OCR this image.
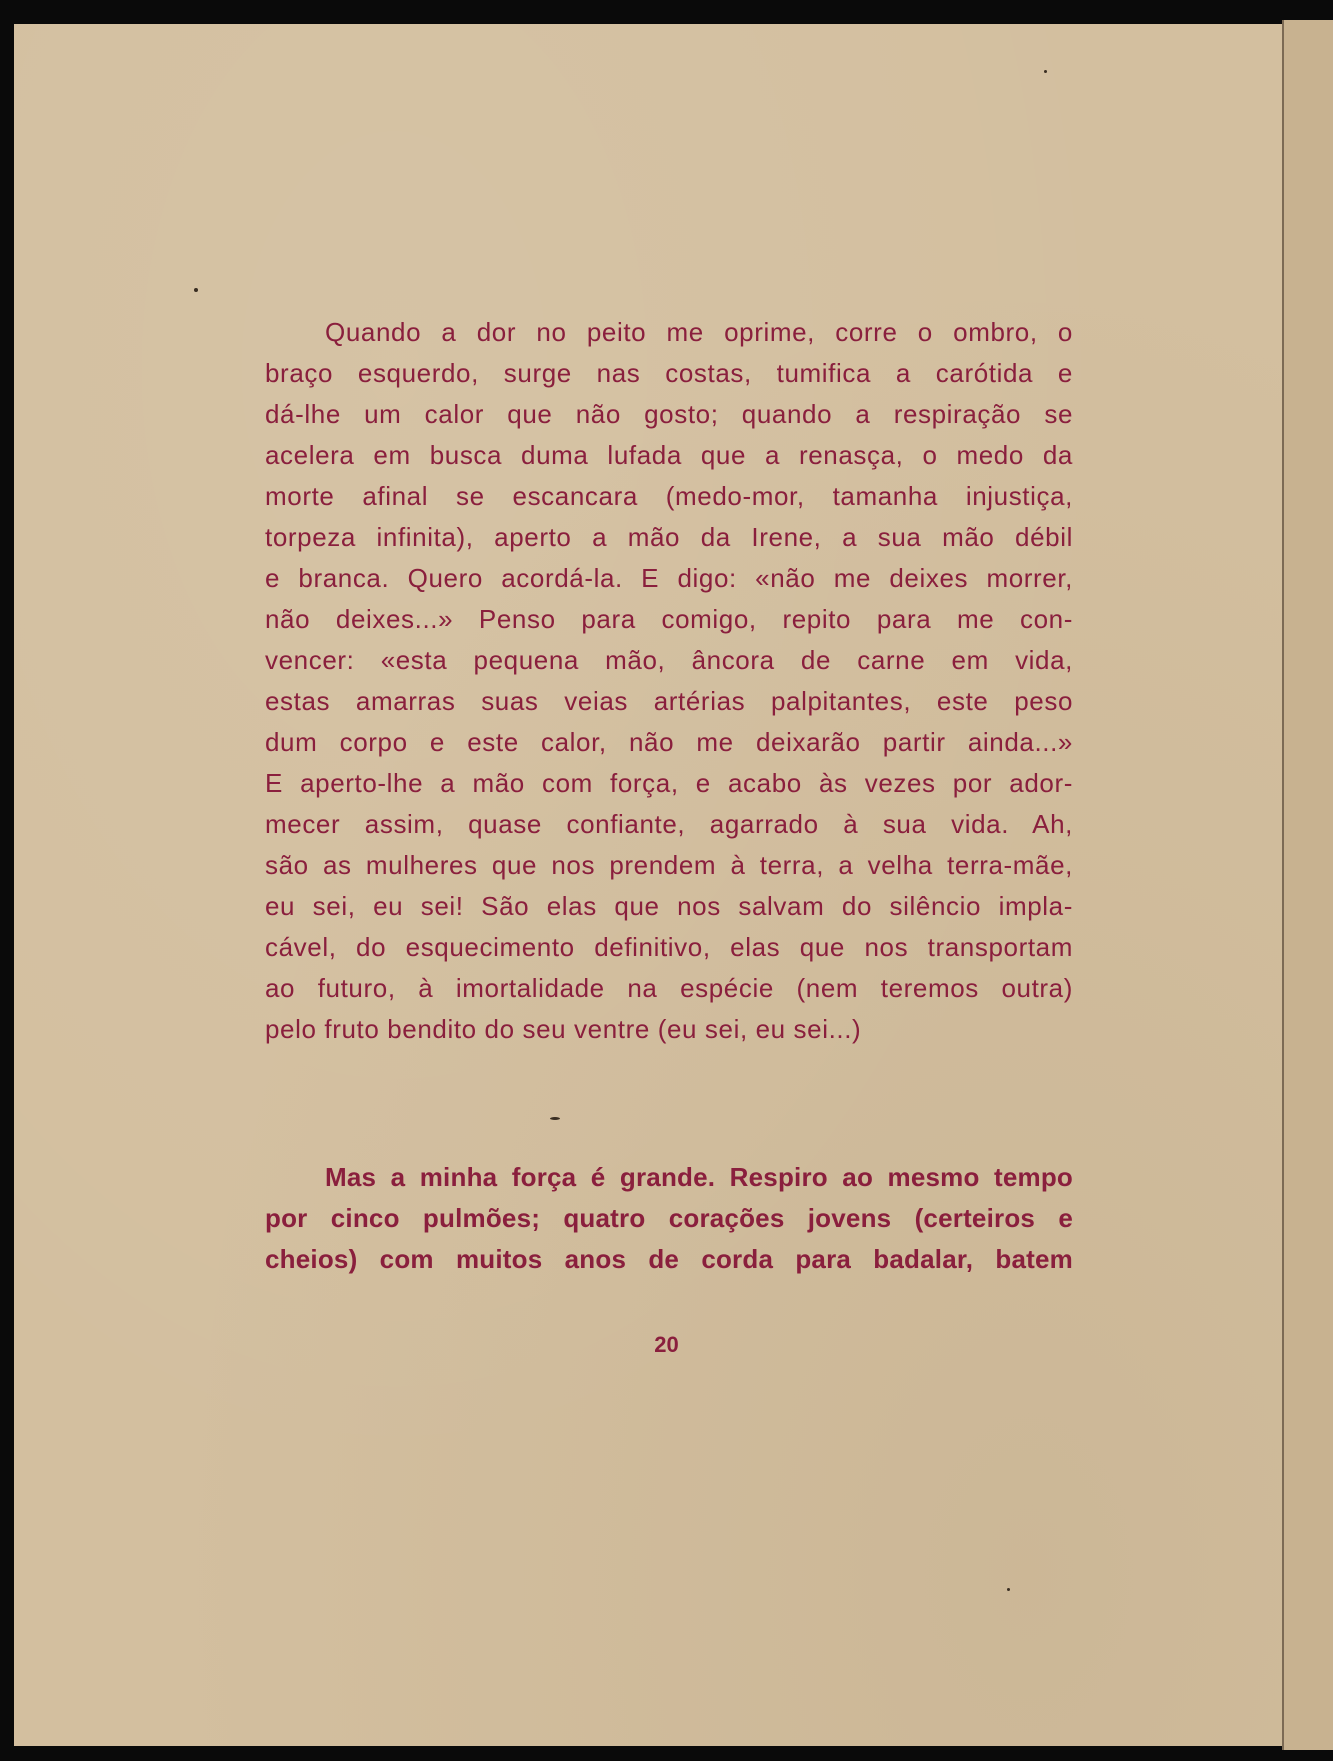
Quando a dor no peito me oprime, corre o ombro, o
braço esquerdo, surge nas costas, tumifica a carótida e
dá-lhe um calor que não gosto; quando a respiração se
acelera em busca duma lufada que a renasça, o medo da
morte afinal se escancara (medo-mor, tamanha injustiça,
torpeza infinita), aperto a mão da Irene, a sua mão débil
e branca. Quero acordá-la. E digo: «não me deixes morrer,
não deixes...» Penso para comigo, repito para me con-
vencer: «esta pequena mão, âncora de carne em vida,
estas amarras suas veias artérias palpitantes, este peso
dum corpo e este calor, não me deixarão partir ainda...»
E aperto-lhe a mão com força, e acabo às vezes por ador-
mecer assim, quase confiante, agarrado à sua vida. Ah,
são as mulheres que nos prendem à terra, a velha terra-mãe,
eu sei, eu sei! São elas que nos salvam do silêncio impla-
cável, do esquecimento definitivo, elas que nos transportam
ao futuro, à imortalidade na espécie (nem teremos outra)
pelo fruto bendito do seu ventre (eu sei, eu sei...)
Mas a minha força é grande. Respiro ao mesmo tempo
por cinco pulmões; quatro corações jovens (certeiros e
cheios) com muitos anos de corda para badalar, batem
20
